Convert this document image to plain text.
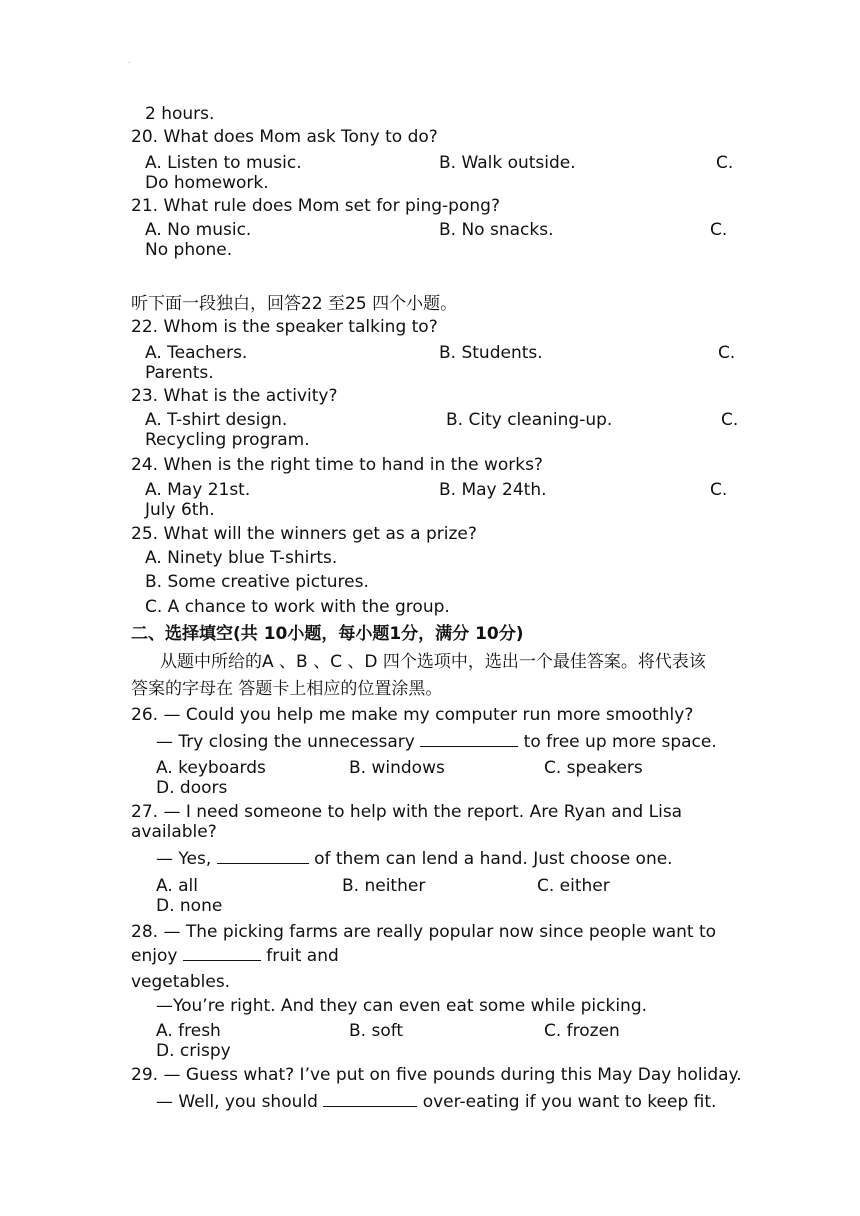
.
2 hours.
20. What does Mom ask Tony to do?
A. Listen to music.	B. Walk outside.	C.
Do homework.
21. What rule does Mom set for ping-pong?
A. No music.	B. No snacks.	C.
No phone.
听下面一段独白，回答22 至25 四个小题。
22. Whom is the speaker talking to?
A. Teachers.	B. Students.	C.
Parents.
23. What is the activity?
A. T-shirt design.	B. City cleaning-up.	C.
Recycling program.
24. When is the right time to hand in the works?
A. May 21st.	B. May 24th.	C.
July 6th.
25. What will the winners get as a prize?
A. Ninety blue T-shirts.
B. Some creative pictures.
C. A chance to work with the group.
二、选择填空(共 10小题，每小题1分，满分 10分)
从题中所给的A 、B 、C 、D 四个选项中，选出一个最佳答案。将代表该
答案的字母在 答题卡上相应的位置涂黑。
26. — Could you help me make my computer run more smoothly?
— Try closing the unnecessary	to free up more space.
A. keyboards	B. windows	C. speakers
D. doors
27. — I need someone to help with the report. Are Ryan and Lisa
available?
— Yes,	of them can lend a hand. Just choose one.
A. all	B. neither	C. either
D. none
28. — The picking farms are really popular now since people want to
enjoy	fruit and
vegetables.
—You’re right. And they can even eat some while picking.
A. fresh	B. soft	C. frozen
D. crispy
29. — Guess what? I’ve put on five pounds during this May Day holiday.
— Well, you should	over-eating if you want to keep fit.
